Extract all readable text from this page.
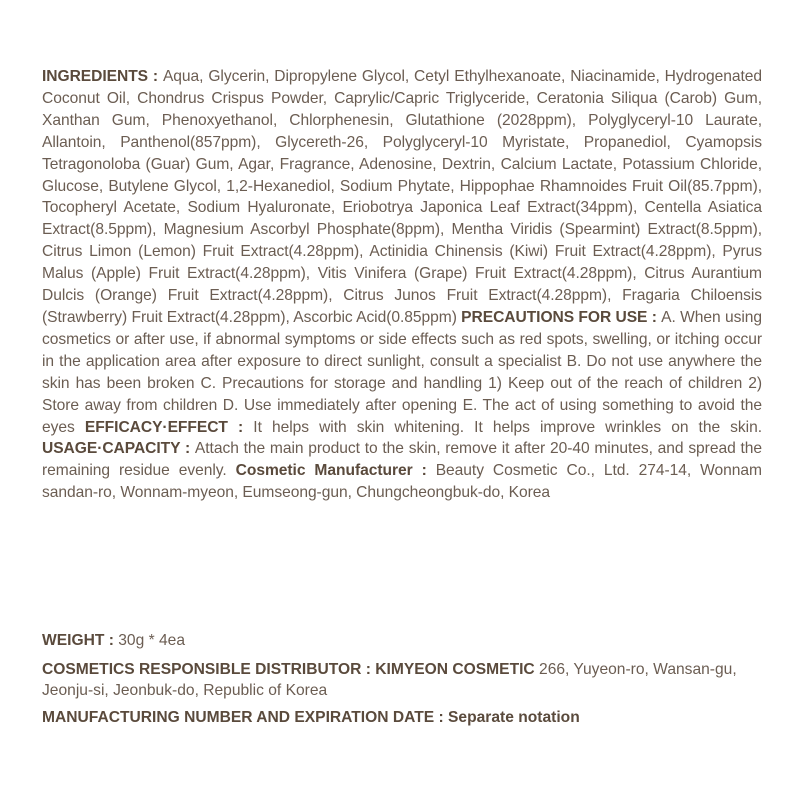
INGREDIENTS : Aqua, Glycerin, Dipropylene Glycol, Cetyl Ethylhexanoate, Niacinamide, Hydrogenated Coconut Oil, Chondrus Crispus Powder, Caprylic/Capric Triglyceride, Ceratonia Siliqua (Carob) Gum, Xanthan Gum, Phenoxyethanol, Chlorphenesin, Glutathione (2028ppm), Polyglyceryl-10 Laurate, Allantoin, Panthenol(857ppm), Glycereth-26, Polyglyceryl-10 Myristate, Propanediol, Cyamopsis Tetragonoloba (Guar) Gum, Agar, Fragrance, Adenosine, Dextrin, Calcium Lactate, Potassium Chloride, Glucose, Butylene Glycol, 1,2-Hexanediol, Sodium Phytate, Hippophae Rhamnoides Fruit Oil(85.7ppm), Tocopheryl Acetate, Sodium Hyaluronate, Eriobotrya Japonica Leaf Extract(34ppm), Centella Asiatica Extract(8.5ppm), Magnesium Ascorbyl Phosphate(8ppm), Mentha Viridis (Spearmint) Extract(8.5ppm), Citrus Limon (Lemon) Fruit Extract(4.28ppm), Actinidia Chinensis (Kiwi) Fruit Extract(4.28ppm), Pyrus Malus (Apple) Fruit Extract(4.28ppm), Vitis Vinifera (Grape) Fruit Extract(4.28ppm), Citrus Aurantium Dulcis (Orange) Fruit Extract(4.28ppm), Citrus Junos Fruit Extract(4.28ppm), Fragaria Chiloensis (Strawberry) Fruit Extract(4.28ppm), Ascorbic Acid(0.85ppm) PRECAUTIONS FOR USE : A. When using cosmetics or after use, if abnormal symptoms or side effects such as red spots, swelling, or itching occur in the application area after exposure to direct sunlight, consult a specialist B. Do not use anywhere the skin has been broken C. Precautions for storage and handling 1) Keep out of the reach of children 2) Store away from children D. Use immediately after opening E. The act of using something to avoid the eyes EFFICACY·EFFECT : It helps with skin whitening. It helps improve wrinkles on the skin. USAGE·CAPACITY : Attach the main product to the skin, remove it after 20-40 minutes, and spread the remaining residue evenly. Cosmetic Manufacturer : Beauty Cosmetic Co., Ltd. 274-14, Wonnam sandan-ro, Wonnam-myeon, Eumseong-gun, Chungcheongbuk-do, Korea

WEIGHT : 30g * 4ea

COSMETICS RESPONSIBLE DISTRIBUTOR : KIMYEON COSMETIC 266, Yuyeon-ro, Wansan-gu, Jeonju-si, Jeonbuk-do, Republic of Korea

MANUFACTURING NUMBER AND EXPIRATION DATE : Separate notation
